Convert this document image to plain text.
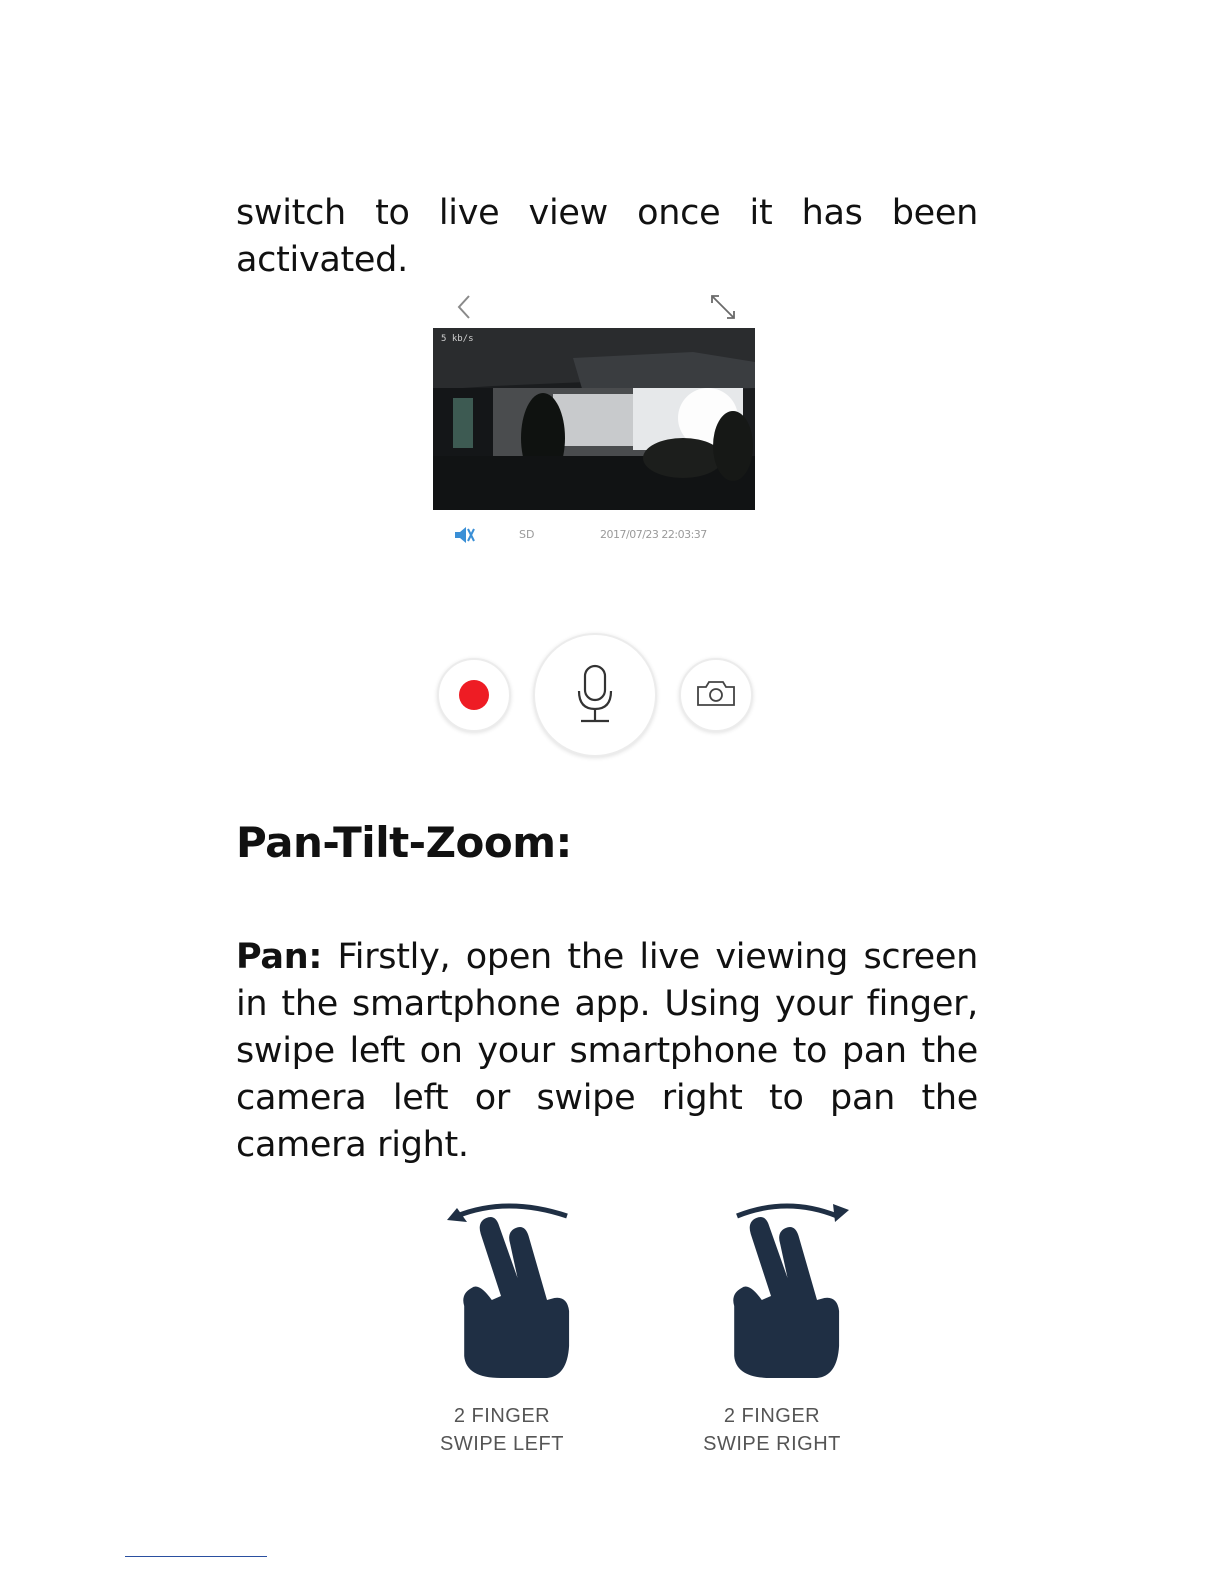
switch to live view once it has been activated.

5 kb/s
SD	2017/07/23 22:03:37
Pan-Tilt-Zoom:

Pan: Firstly, open the live viewing screen in the smartphone app. Using your finger, swipe left on your smartphone to pan the camera left or swipe right to pan the camera right.

2 FINGER
SWIPE LEFT
2 FINGER
SWIPE RIGHT
